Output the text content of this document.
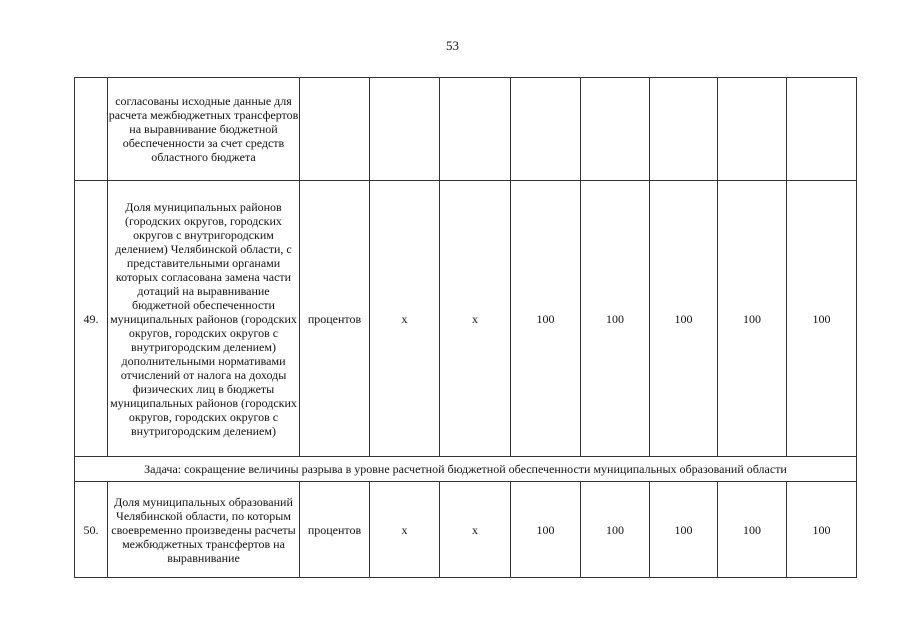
53
	согласованы исходные данные для расчета межбюджетных трансфертов на выравнивание бюджетной обеспеченности за счет средств областного бюджета								
49.	Доля муниципальных районов (городских округов, городских округов с внутригородским делением) Челябинской области, с представительными органами которых согласована замена части дотаций на выравнивание бюджетной обеспеченности муниципальных районов (городских округов, городских округов с внутригородским делением) дополнительными нормативами отчислений от налога на доходы физических лиц в бюджеты муниципальных районов (городских округов, городских округов с внутригородским делением)	процентов	х	х	100	100	100	100	100
Задача: сокращение величины разрыва в уровне расчетной бюджетной обеспеченности муниципальных образований области									
50.	Доля муниципальных образований Челябинской области, по которым своевременно произведены расчеты межбюджетных трансфертов на выравнивание	процентов	х	х	100	100	100	100	100
